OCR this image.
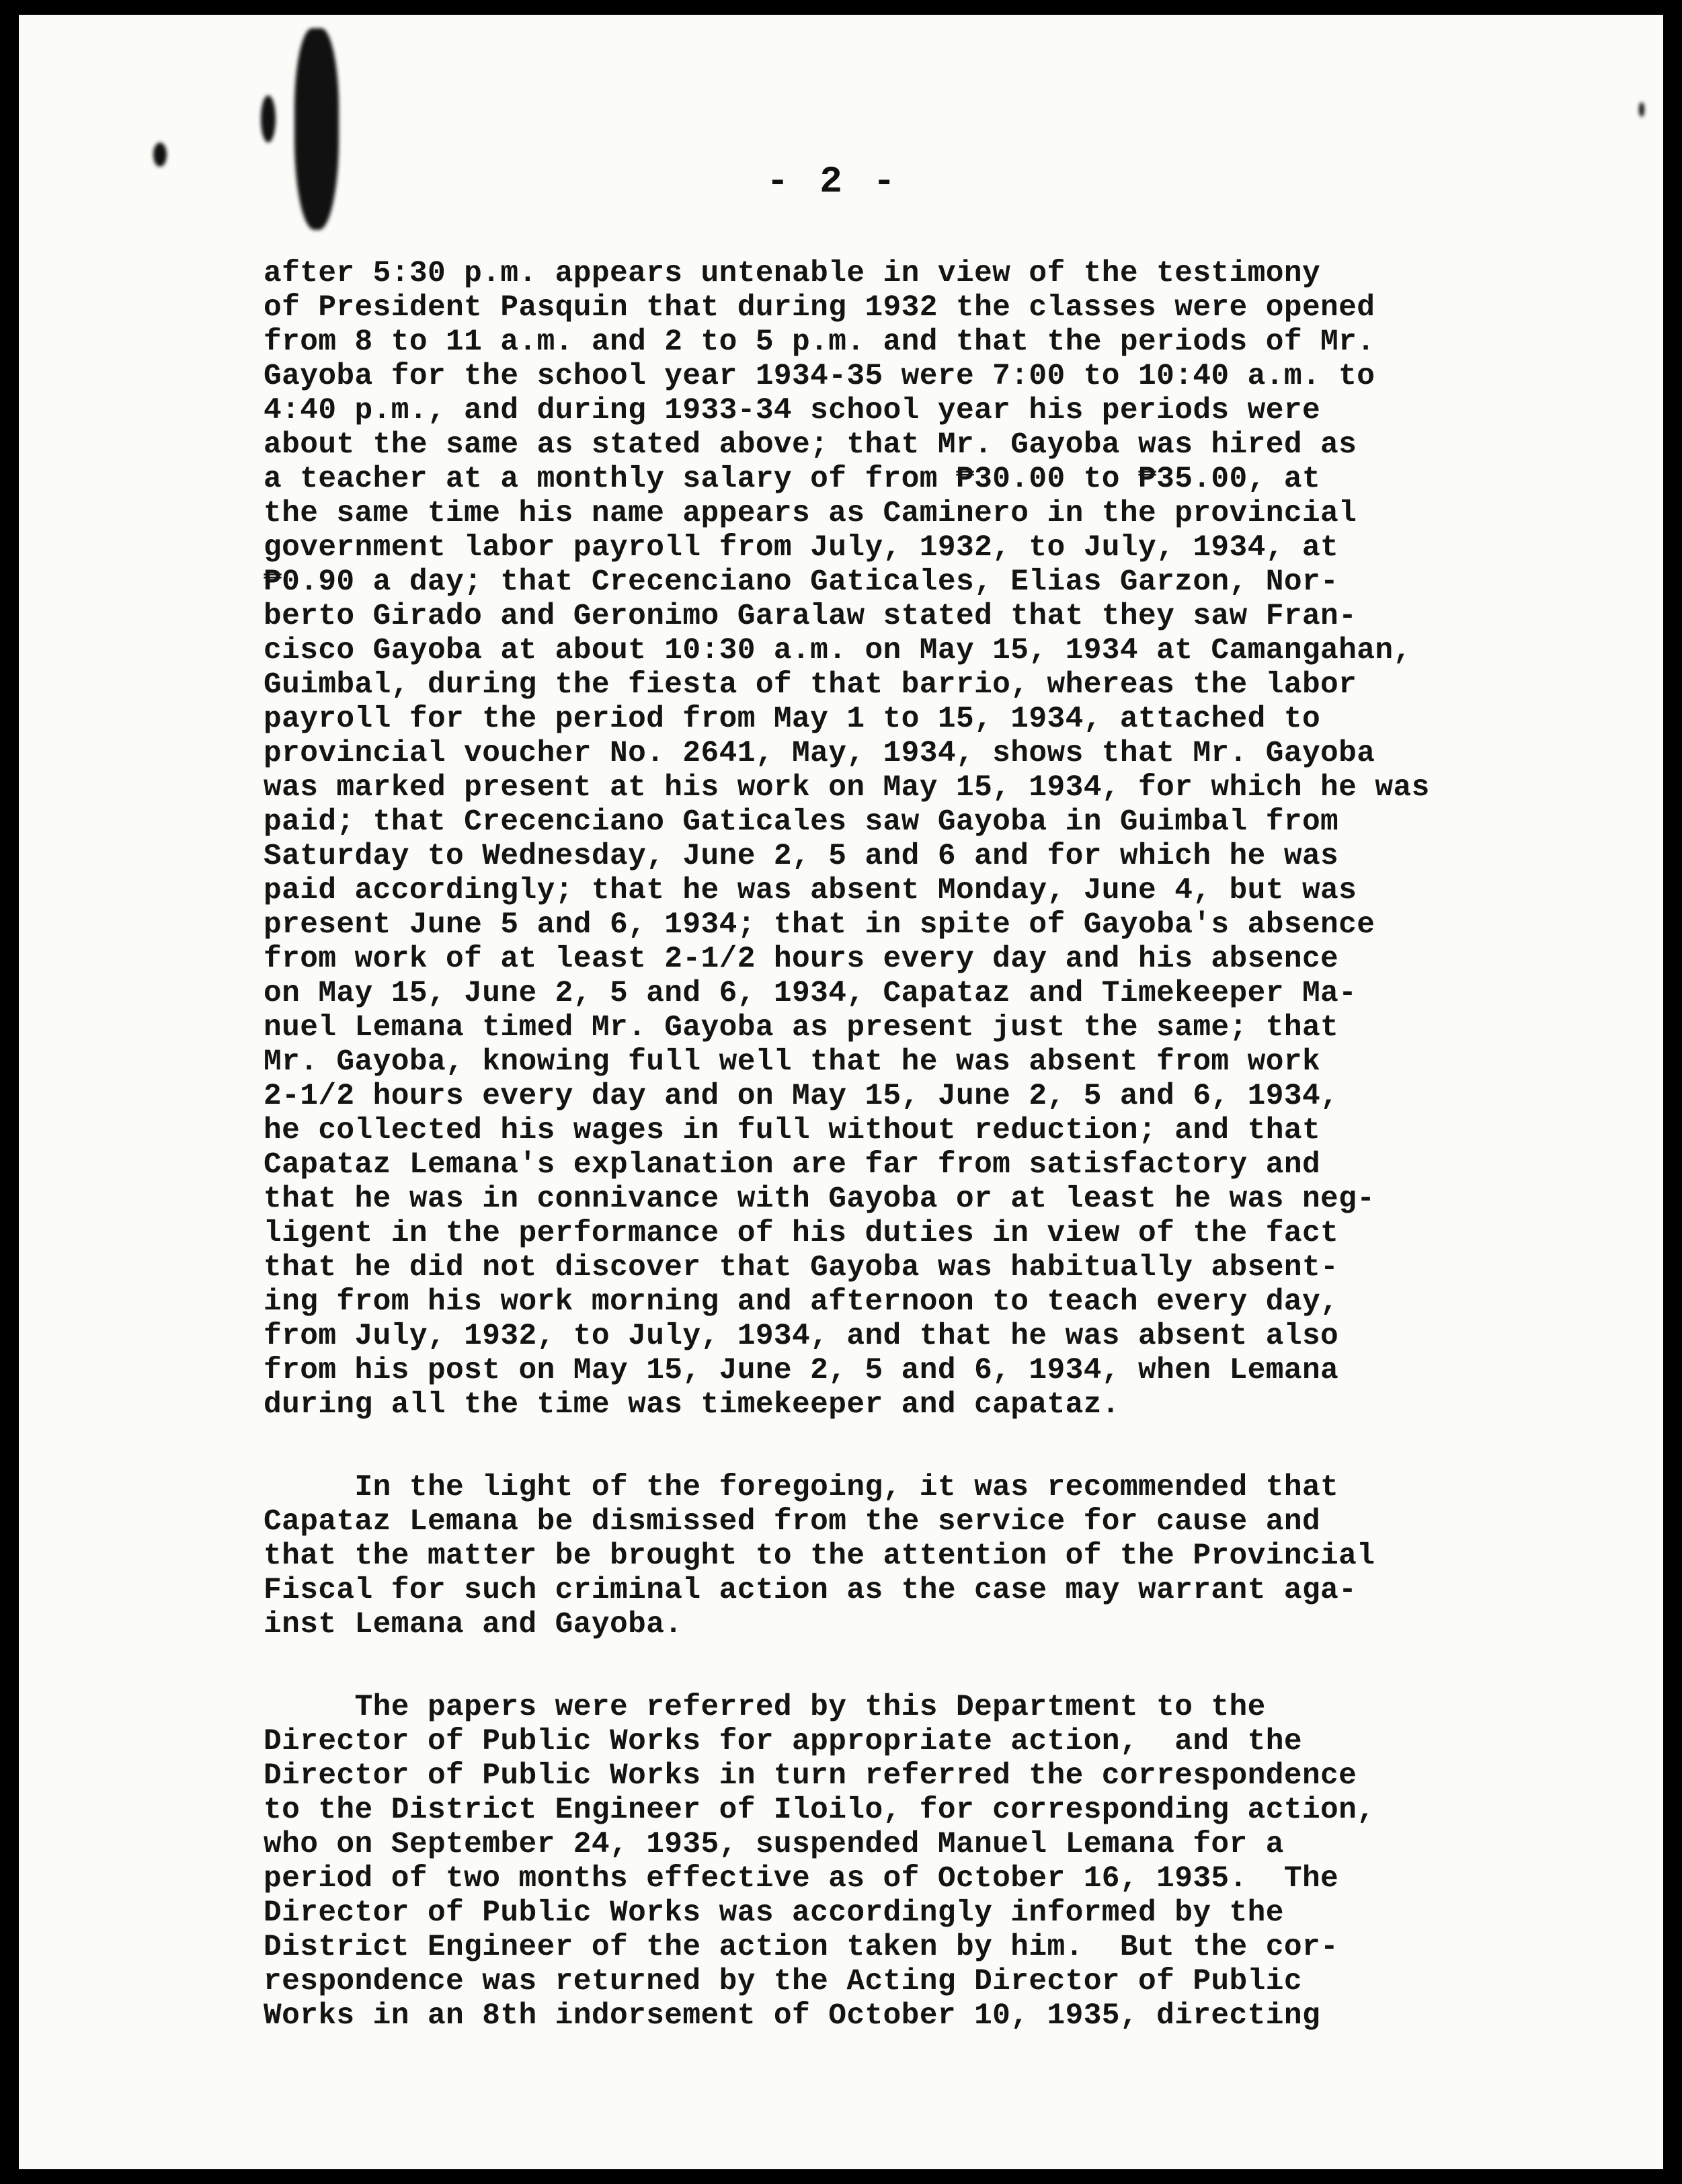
- 2 -
after 5:30 p.m. appears untenable in view of the testimony
of President Pasquin that during 1932 the classes were opened
from 8 to 11 a.m. and 2 to 5 p.m. and that the periods of Mr.
Gayoba for the school year 1934-35 were 7:00 to 10:40 a.m. to
4:40 p.m., and during 1933-34 school year his periods were
about the same as stated above; that Mr. Gayoba was hired as
a teacher at a monthly salary of from ₱30.00 to ₱35.00, at
the same time his name appears as Caminero in the provincial
government labor payroll from July, 1932, to July, 1934, at
₱0.90 a day; that Crecenciano Gaticales, Elias Garzon, Nor-
berto Girado and Geronimo Garalaw stated that they saw Fran-
cisco Gayoba at about 10:30 a.m. on May 15, 1934 at Camangahan,
Guimbal, during the fiesta of that barrio, whereas the labor
payroll for the period from May 1 to 15, 1934, attached to
provincial voucher No. 2641, May, 1934, shows that Mr. Gayoba
was marked present at his work on May 15, 1934, for which he was
paid; that Crecenciano Gaticales saw Gayoba in Guimbal from
Saturday to Wednesday, June 2, 5 and 6 and for which he was
paid accordingly; that he was absent Monday, June 4, but was
present June 5 and 6, 1934; that in spite of Gayoba's absence
from work of at least 2-1/2 hours every day and his absence
on May 15, June 2, 5 and 6, 1934, Capataz and Timekeeper Ma-
nuel Lemana timed Mr. Gayoba as present just the same; that
Mr. Gayoba, knowing full well that he was absent from work
2-1/2 hours every day and on May 15, June 2, 5 and 6, 1934,
he collected his wages in full without reduction; and that
Capataz Lemana's explanation are far from satisfactory and
that he was in connivance with Gayoba or at least he was neg-
ligent in the performance of his duties in view of the fact
that he did not discover that Gayoba was habitually absent-
ing from his work morning and afternoon to teach every day,
from July, 1932, to July, 1934, and that he was absent also
from his post on May 15, June 2, 5 and 6, 1934, when Lemana
during all the time was timekeeper and capataz.
In the light of the foregoing, it was recommended that
Capataz Lemana be dismissed from the service for cause and
that the matter be brought to the attention of the Provincial
Fiscal for such criminal action as the case may warrant aga-
inst Lemana and Gayoba.
The papers were referred by this Department to the
Director of Public Works for appropriate action,  and the
Director of Public Works in turn referred the correspondence
to the District Engineer of Iloilo, for corresponding action,
who on September 24, 1935, suspended Manuel Lemana for a
period of two months effective as of October 16, 1935.  The
Director of Public Works was accordingly informed by the
District Engineer of the action taken by him.  But the cor-
respondence was returned by the Acting Director of Public
Works in an 8th indorsement of October 10, 1935, directing
